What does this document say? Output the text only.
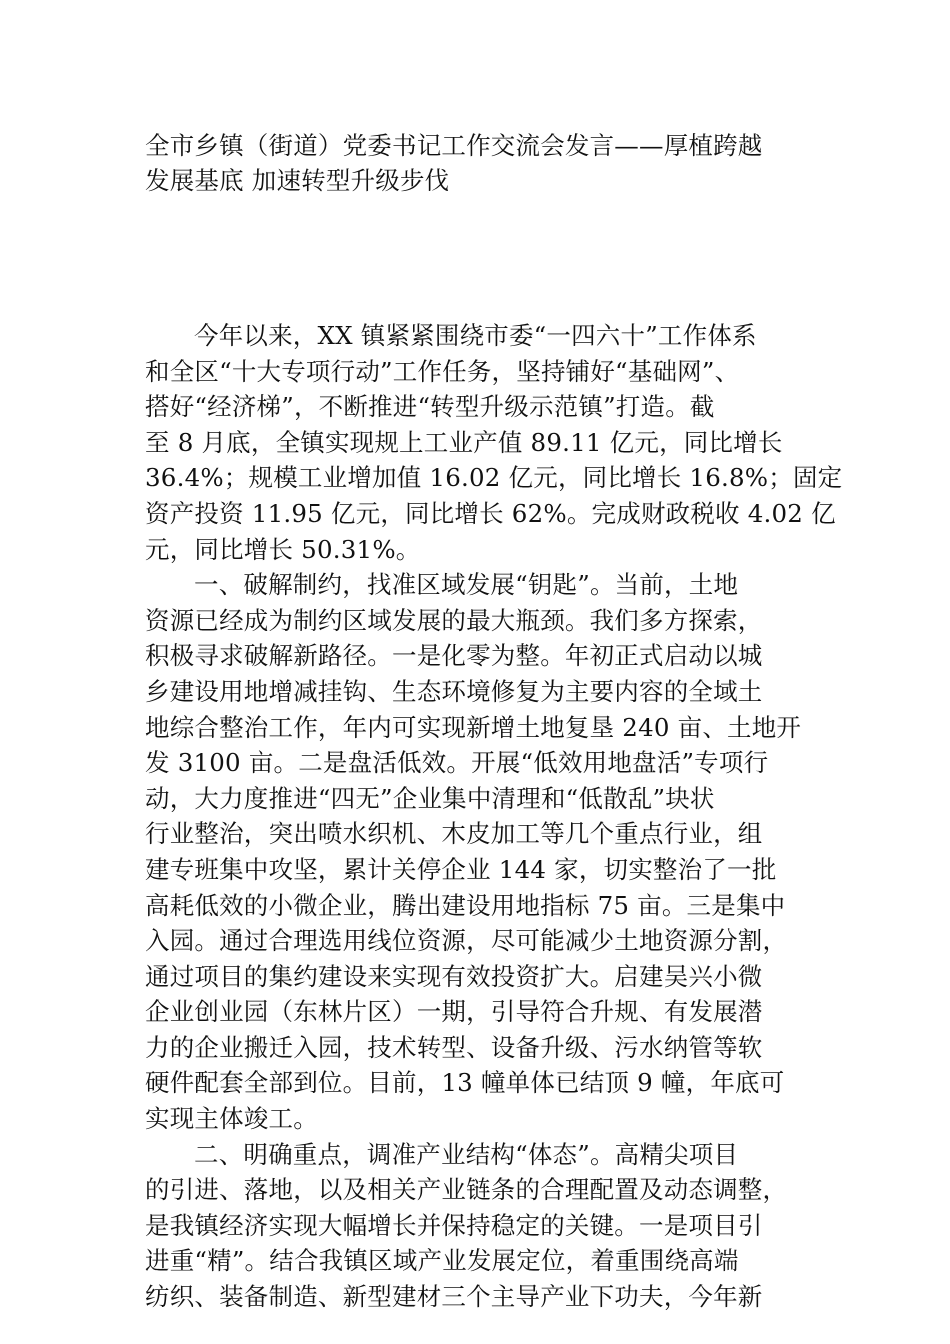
全市乡镇（街道）党委书记工作交流会发言——厚植跨越
发展基底 加速转型升级步伐
今年以来，XX 镇紧紧围绕市委“一四六十”工作体系
和全区“十大专项行动”工作任务，坚持铺好“基础网”、
搭好“经济梯”，不断推进“转型升级示范镇”打造。截
至 8 月底，全镇实现规上工业产值 89.11 亿元，同比增长
36.4%；规模工业增加值 16.02 亿元，同比增长 16.8%；固定
资产投资 11.95 亿元，同比增长 62%。完成财政税收 4.02 亿
元，同比增长 50.31%。
一、破解制约，找准区域发展“钥匙”。当前，土地
资源已经成为制约区域发展的最大瓶颈。我们多方探索，
积极寻求破解新路径。一是化零为整。年初正式启动以城
乡建设用地增减挂钩、生态环境修复为主要内容的全域土
地综合整治工作，年内可实现新增土地复垦 240 亩、土地开
发 3100 亩。二是盘活低效。开展“低效用地盘活”专项行
动，大力度推进“四无”企业集中清理和“低散乱”块状
行业整治，突出喷水织机、木皮加工等几个重点行业，组
建专班集中攻坚，累计关停企业 144 家，切实整治了一批
高耗低效的小微企业，腾出建设用地指标 75 亩。三是集中
入园。通过合理选用线位资源，尽可能减少土地资源分割，
通过项目的集约建设来实现有效投资扩大。启建吴兴小微
企业创业园（东林片区）一期，引导符合升规、有发展潜
力的企业搬迁入园，技术转型、设备升级、污水纳管等软
硬件配套全部到位。目前，13 幢单体已结顶 9 幢，年底可
实现主体竣工。
二、明确重点，调准产业结构“体态”。高精尖项目
的引进、落地，以及相关产业链条的合理配置及动态调整，
是我镇经济实现大幅增长并保持稳定的关键。一是项目引
进重“精”。结合我镇区域产业发展定位，着重围绕高端
纺织、装备制造、新型建材三个主导产业下功夫，今年新
